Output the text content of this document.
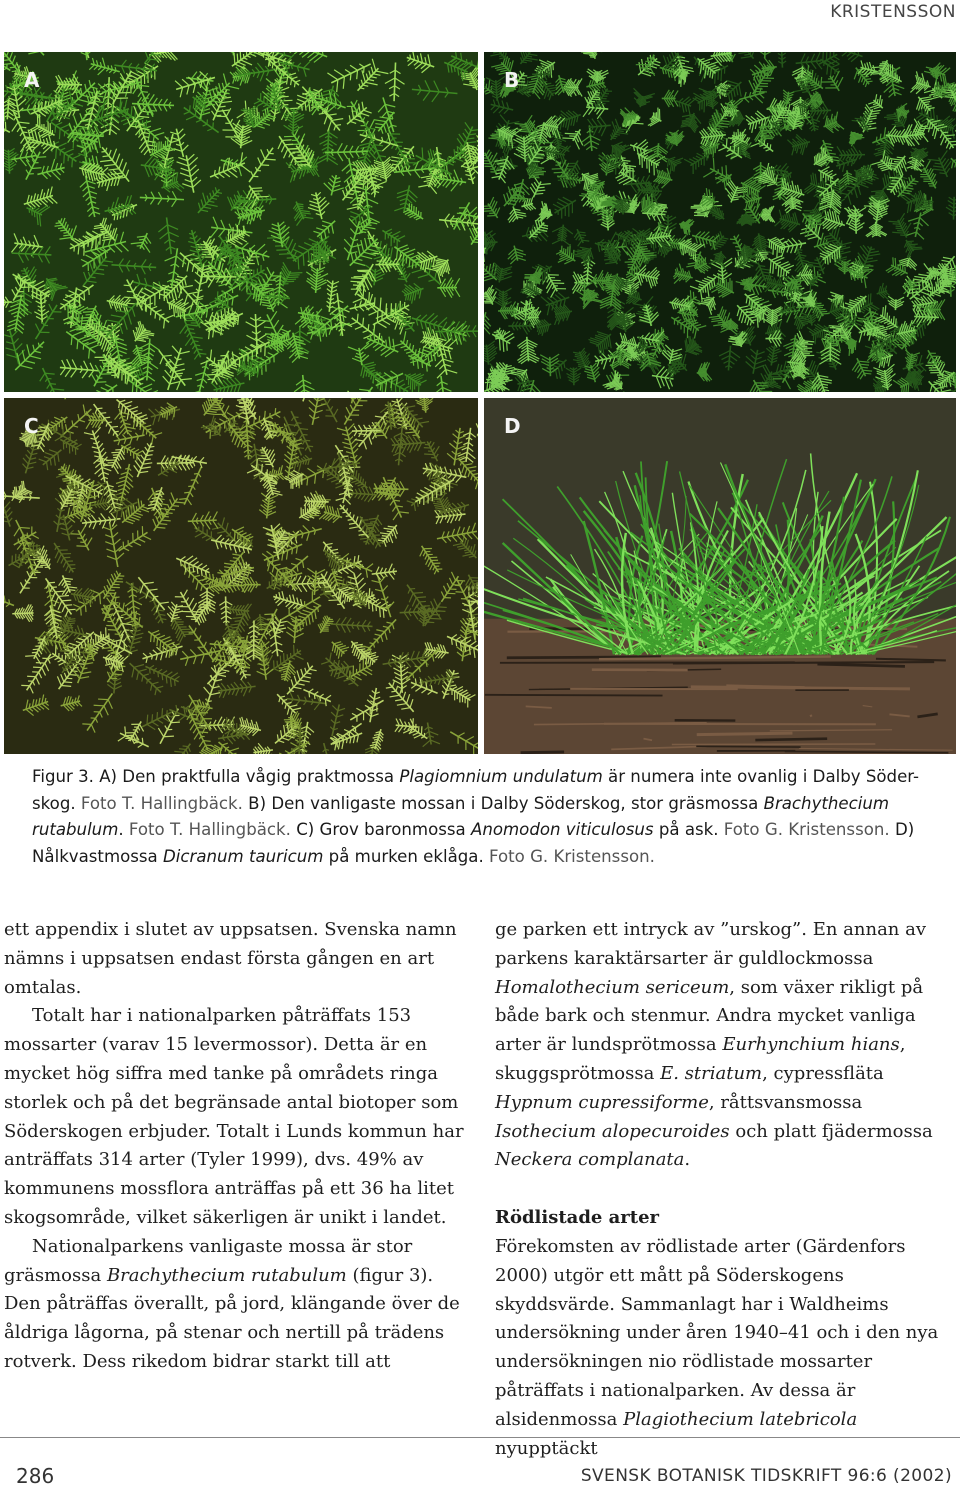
KRISTENSSON
A	B
C	D
Figur 3. A) Den praktfulla vågig praktmossa Plagiomnium undulatum är numera inte ovanlig i Dalby Söder-skog. Foto T. Hallingbäck. B) Den vanligaste mossan i Dalby Söderskog, stor gräsmossa Brachythecium rutabulum. Foto T. Hallingbäck. C) Grov baronmossa Anomodon viticulosus på ask. Foto G. Kristensson. D) Nålkvastmossa Dicranum tauricum på murken eklåga. Foto G. Kristensson.

ett appendix i slutet av uppsatsen. Svenska namn nämns i uppsatsen endast första gången en art omtalas.

Totalt har i nationalparken påträffats 153 mossarter (varav 15 levermossor). Detta är en mycket hög siffra med tanke på områdets ringa storlek och på det begränsade antal biotoper som Söderskogen erbjuder. Totalt i Lunds kommun har anträffats 314 arter (Tyler 1999), dvs. 49% av kommunens mossflora anträffas på ett 36 ha litet skogsområde, vilket säkerligen är unikt i landet.

Nationalparkens vanligaste mossa är stor gräsmossa Brachythecium rutabulum (figur 3). Den påträffas överallt, på jord, klängande över de åldriga lågorna, på stenar och nertill på trädens rotverk. Dess rikedom bidrar starkt till att

ge parken ett intryck av ”urskog”. En annan av parkens karaktärsarter är guldlockmossa Homalothecium sericeum, som växer rikligt på både bark och stenmur. Andra mycket vanliga arter är lundsprötmossa Eurhynchium hians, skuggsprötmossa E. striatum, cypressfläta Hypnum cupressiforme, råttsvansmossa Isothecium alopecuroides och platt fjädermossa Neckera complanata.

Rödlistade arter

Förekomsten av rödlistade arter (Gärdenfors 2000) utgör ett mått på Söderskogens skyddsvärde. Sammanlagt har i Waldheims undersökning under åren 1940–41 och i den nya undersökningen nio rödlistade mossarter påträffats i nationalparken. Av dessa är alsidenmossa Plagiothecium latebricola nyupptäckt

286	SVENSK BOTANISK TIDSKRIFT 96:6 (2002)
